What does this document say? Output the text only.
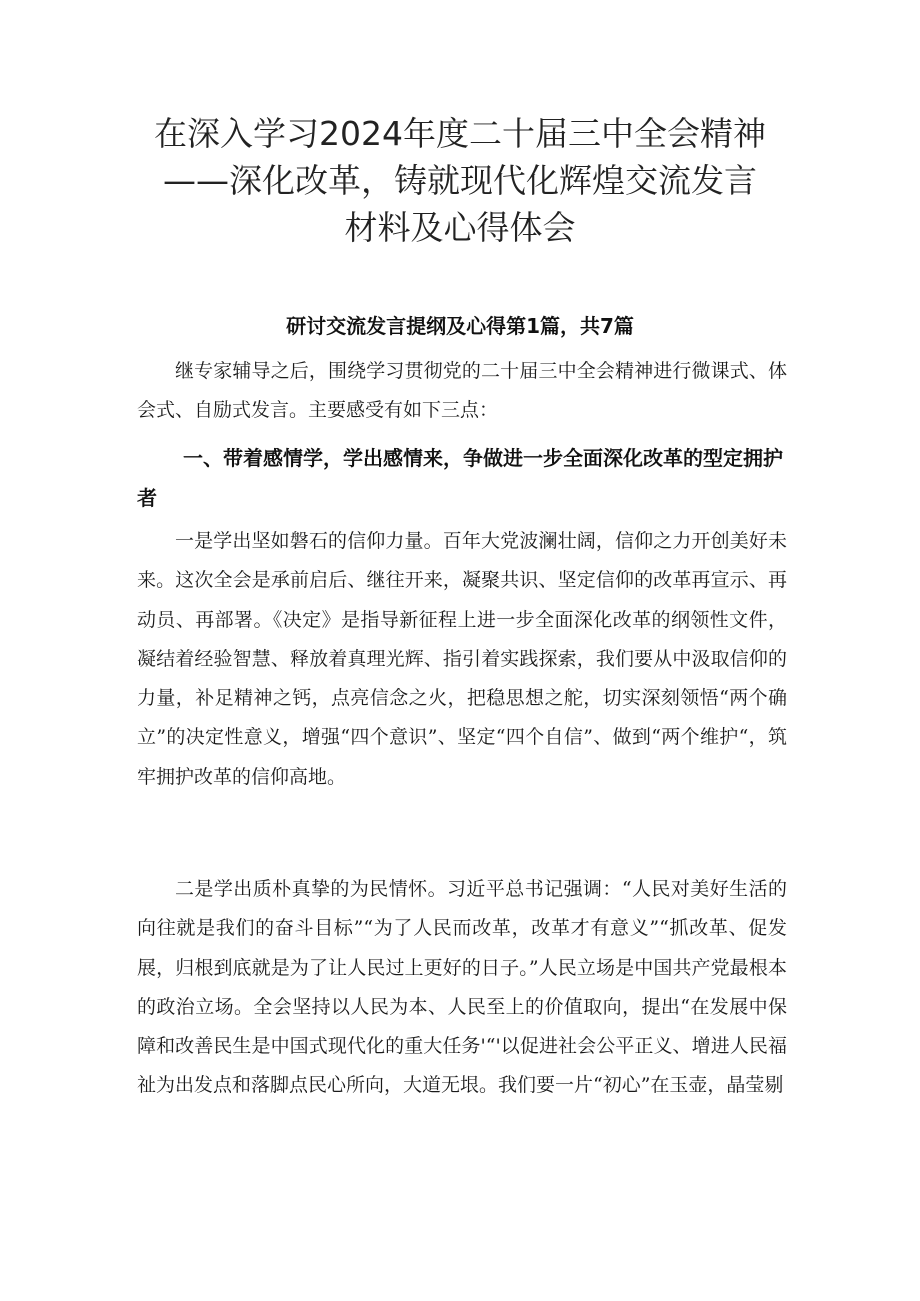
在深入学习2024年度二十届三中全会精神
——深化改革，铸就现代化辉煌交流发言
材料及心得体会
研讨交流发言提纲及心得第1篇，共7篇

继专家辅导之后，围绕学习贯彻党的二十届三中全会精神进行微课式、体会式、自励式发言。主要感受有如下三点：

一、带着感情学，学出感情来，争做进一步全面深化改革的型定拥护者

一是学出坚如磐石的信仰力量。百年大党波澜壮阔，信仰之力开创美好未来。这次全会是承前启后、继往开来，凝聚共识、坚定信仰的改革再宣示、再动员、再部署。《决定》是指导新征程上进一步全面深化改革的纲领性文件，凝结着经验智慧、释放着真理光辉、指引着实践探索，我们要从中汲取信仰的力量，补足精神之钙，点亮信念之火，把稳思想之舵，切实深刻领悟“两个确立”的决定性意义，增强“四个意识”、坚定“四个自信”、做到“两个维护“，筑牢拥护改革的信仰高地。

二是学出质朴真挚的为民情怀。习近平总书记强调：“人民对美好生活的向往就是我们的奋斗目标”“为了人民而改革，改革才有意义”“抓改革、促发展，归根到底就是为了让人民过上更好的日子。”人民立场是中国共产党最根本的政治立场。全会坚持以人民为本、人民至上的价值取向，提出“在发展中保障和改善民生是中国式现代化的重大任务'“'以促进社会公平正义、增进人民福祉为出发点和落脚点民心所向，大道无垠。我们要一片“初心”在玉壶，晶莹剔
